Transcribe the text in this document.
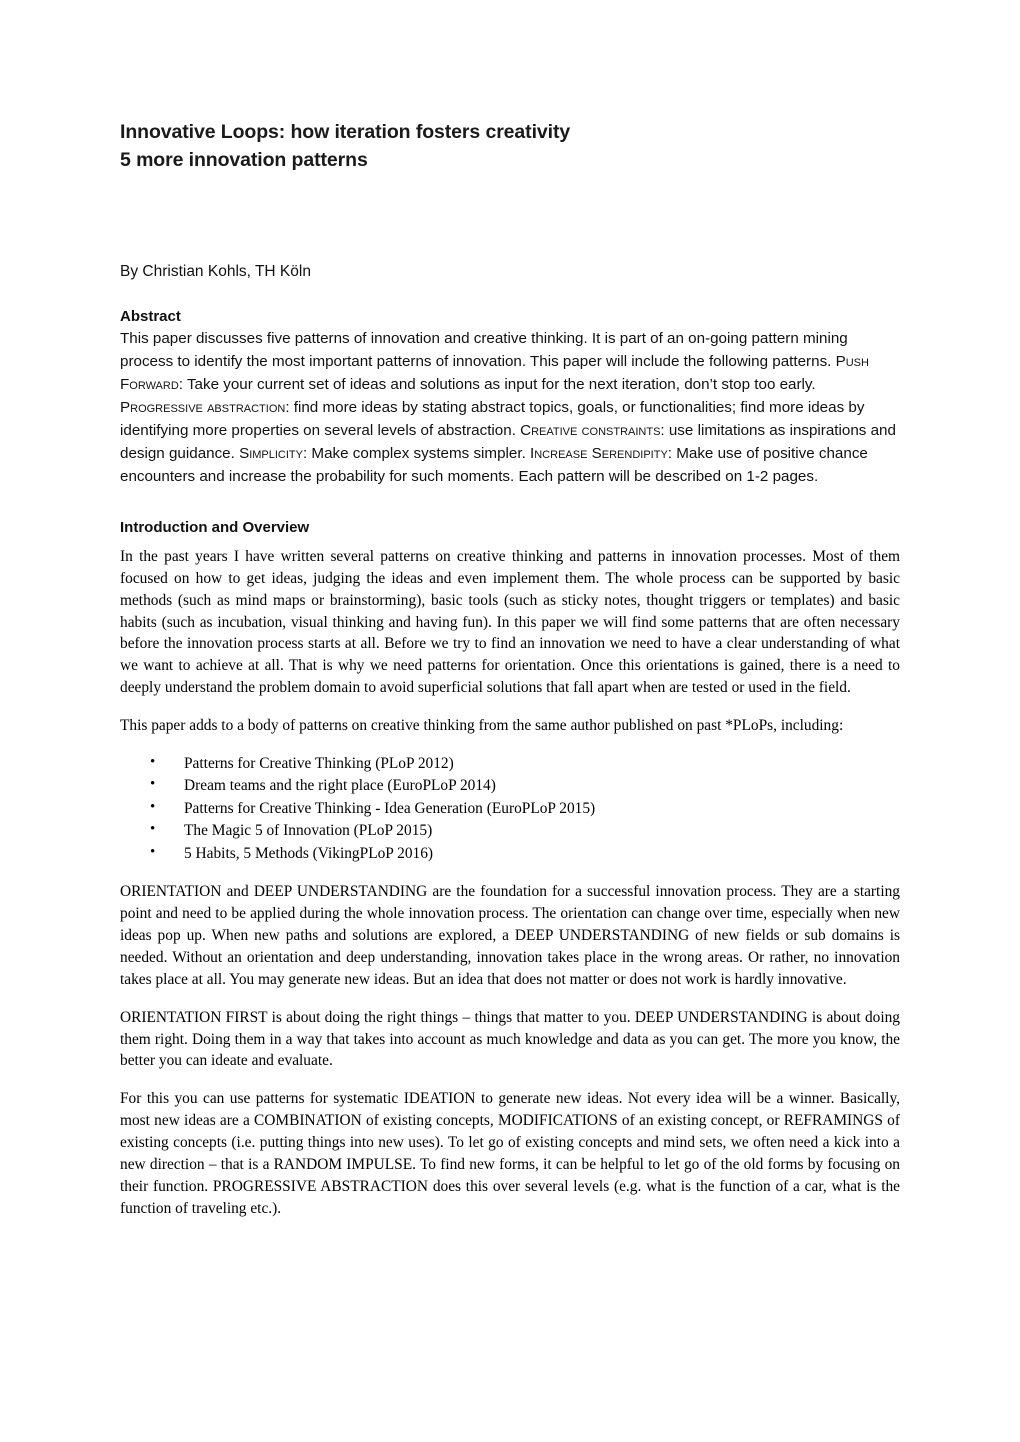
Innovative Loops: how iteration fosters creativity
5 more innovation patterns
By Christian Kohls, TH Köln
Abstract
This paper discusses five patterns of innovation and creative thinking. It is part of an on-going pattern mining process to identify the most important patterns of innovation. This paper will include the following patterns. Push Forward: Take your current set of ideas and solutions as input for the next iteration, don’t stop too early. Progressive abstraction: find more ideas by stating abstract topics, goals, or functionalities; find more ideas by identifying more properties on several levels of abstraction. Creative constraints: use limitations as inspirations and design guidance. Simplicity: Make complex systems simpler. Increase Serendipity: Make use of positive chance encounters and increase the probability for such moments. Each pattern will be described on 1-2 pages.
Introduction and Overview

In the past years I have written several patterns on creative thinking and patterns in innovation processes. Most of them focused on how to get ideas, judging the ideas and even implement them. The whole process can be supported by basic methods (such as mind maps or brainstorming), basic tools (such as sticky notes, thought triggers or templates) and basic habits (such as incubation, visual thinking and having fun). In this paper we will find some patterns that are often necessary before the innovation process starts at all. Before we try to find an innovation we need to have a clear understanding of what we want to achieve at all. That is why we need patterns for orientation. Once this orientations is gained, there is a need to deeply understand the problem domain to avoid superficial solutions that fall apart when are tested or used in the field.

This paper adds to a body of patterns on creative thinking from the same author published on past *PLoPs, including:

• Patterns for Creative Thinking (PLoP 2012)
• Dream teams and the right place (EuroPLoP 2014)
• Patterns for Creative Thinking - Idea Generation (EuroPLoP 2015)
• The Magic 5 of Innovation (PLoP 2015)
• 5 Habits, 5 Methods (VikingPLoP 2016)

ORIENTATION and DEEP UNDERSTANDING are the foundation for a successful innovation process. They are a starting point and need to be applied during the whole innovation process. The orientation can change over time, especially when new ideas pop up. When new paths and solutions are explored, a DEEP UNDERSTANDING of new fields or sub domains is needed. Without an orientation and deep understanding, innovation takes place in the wrong areas. Or rather, no innovation takes place at all. You may generate new ideas. But an idea that does not matter or does not work is hardly innovative.

ORIENTATION FIRST is about doing the right things – things that matter to you. DEEP UNDERSTANDING is about doing them right. Doing them in a way that takes into account as much knowledge and data as you can get. The more you know, the better you can ideate and evaluate.

For this you can use patterns for systematic IDEATION to generate new ideas. Not every idea will be a winner. Basically, most new ideas are a COMBINATION of existing concepts, MODIFICATIONS of an existing concept, or REFRAMINGS of existing concepts (i.e. putting things into new uses). To let go of existing concepts and mind sets, we often need a kick into a new direction – that is a RANDOM IMPULSE. To find new forms, it can be helpful to let go of the old forms by focusing on their function. PROGRESSIVE ABSTRACTION does this over several levels (e.g. what is the function of a car, what is the function of traveling etc.).
